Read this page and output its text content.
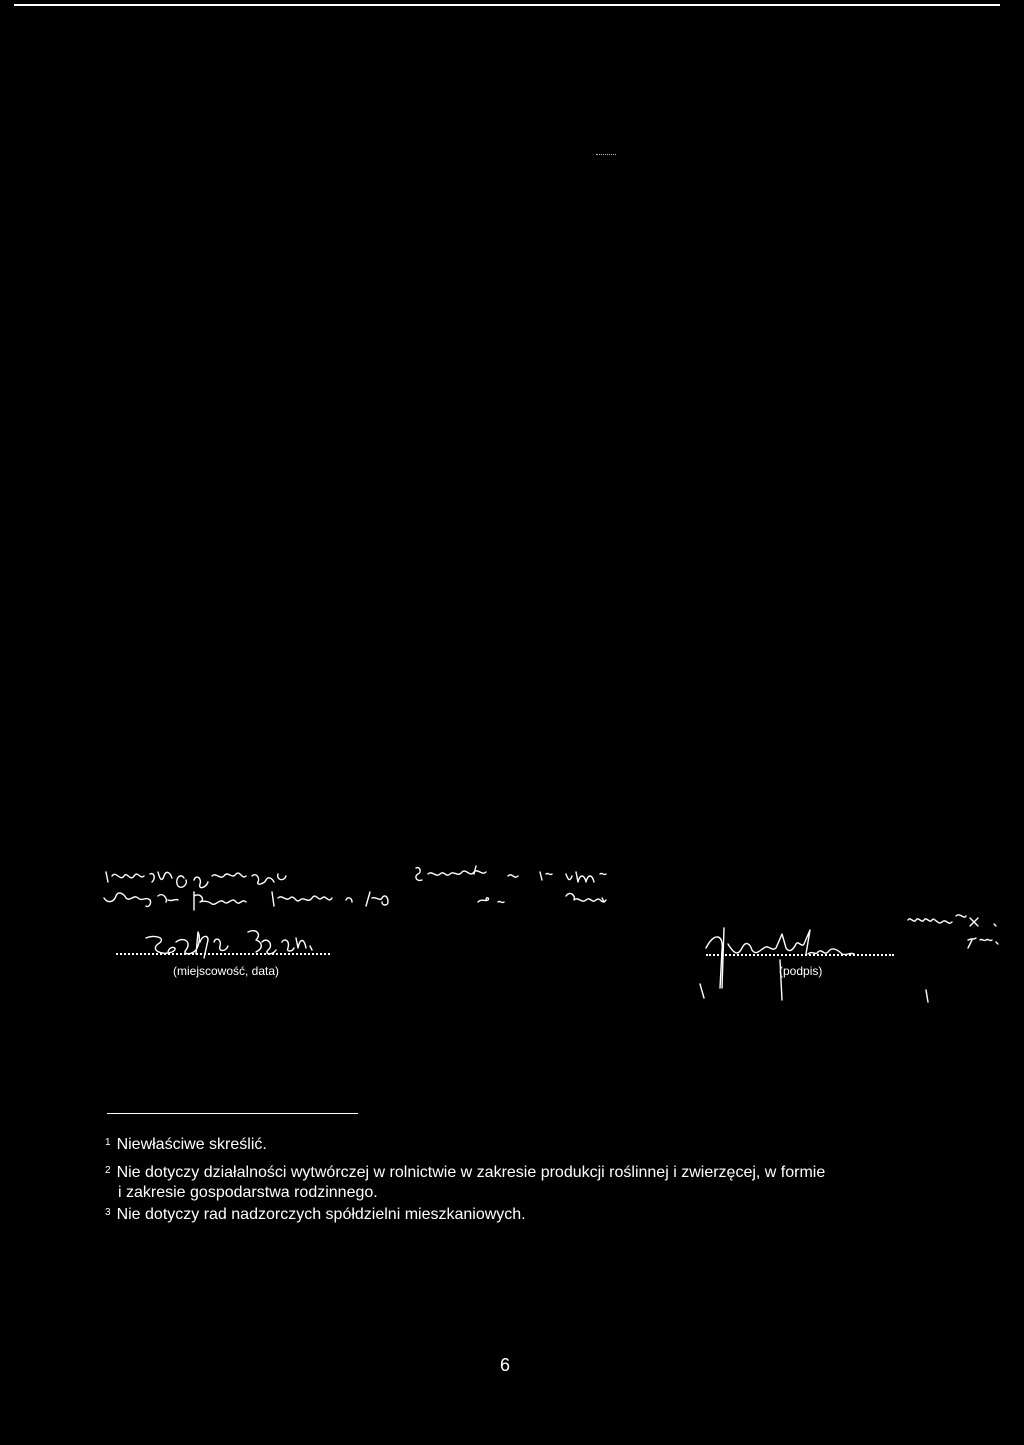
(miejscowość, data)	(podpis)
$^1$ Niewłaściwe skreślić.
$^2$ Nie dotyczy działalności wytwórczej w rolnictwie w zakresie produkcji roślinnej i zwierzęcej, w formie
i zakresie gospodarstwa rodzinnego.
$^3$ Nie dotyczy rad nadzorczych spółdzielni mieszkaniowych.
6
